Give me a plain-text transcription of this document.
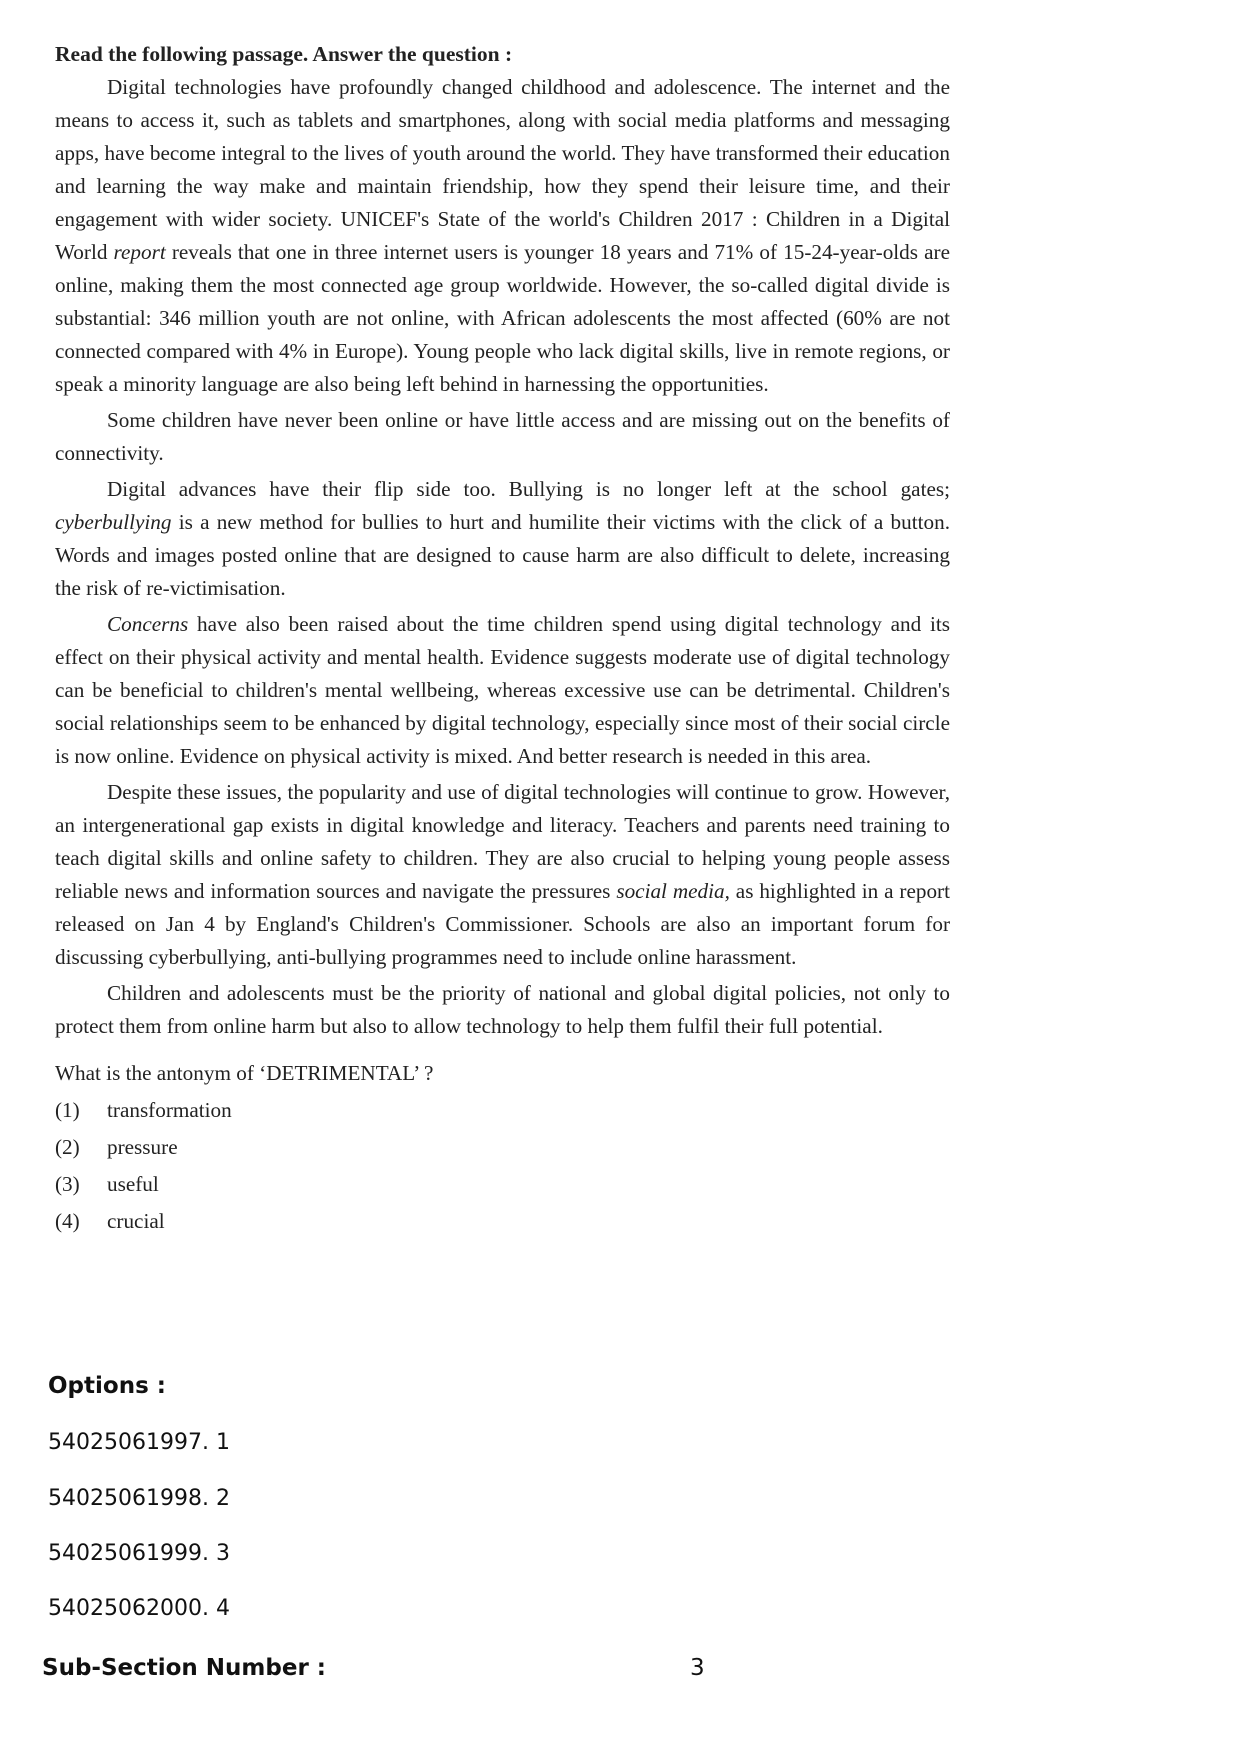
Read the following passage. Answer the question :

Digital technologies have profoundly changed childhood and adolescence. The internet and the means to access it, such as tablets and smartphones, along with social media platforms and messaging apps, have become integral to the lives of youth around the world. They have transformed their education and learning the way make and maintain friendship, how they spend their leisure time, and their engagement with wider society. UNICEF's State of the world's Children 2017 : Children in a Digital World report reveals that one in three internet users is younger 18 years and 71% of 15-24-year-olds are online, making them the most connected age group worldwide. However, the so-called digital divide is substantial: 346 million youth are not online, with African adolescents the most affected (60% are not connected compared with 4% in Europe). Young people who lack digital skills, live in remote regions, or speak a minority language are also being left behind in harnessing the opportunities.

Some children have never been online or have little access and are missing out on the benefits of connectivity.

Digital advances have their flip side too. Bullying is no longer left at the school gates; cyberbullying is a new method for bullies to hurt and humilite their victims with the click of a button. Words and images posted online that are designed to cause harm are also difficult to delete, increasing the risk of re-victimisation.

Concerns have also been raised about the time children spend using digital technology and its effect on their physical activity and mental health. Evidence suggests moderate use of digital technology can be beneficial to children's mental wellbeing, whereas excessive use can be detrimental. Children's social relationships seem to be enhanced by digital technology, especially since most of their social circle is now online. Evidence on physical activity is mixed. And better research is needed in this area.

Despite these issues, the popularity and use of digital technologies will continue to grow. However, an intergenerational gap exists in digital knowledge and literacy. Teachers and parents need training to teach digital skills and online safety to children. They are also crucial to helping young people assess reliable news and information sources and navigate the pressures social media, as highlighted in a report released on Jan 4 by England's Children's Commissioner. Schools are also an important forum for discussing cyberbullying, anti-bullying programmes need to include online harassment.

Children and adolescents must be the priority of national and global digital policies, not only to protect them from online harm but also to allow technology to help them fulfil their full potential.

What is the antonym of ‘DETRIMENTAL’ ?
(1)	transformation
(2)	pressure
(3)	useful
(4)	crucial
Options :
54025061997. 1
54025061998. 2
54025061999. 3
54025062000. 4
Sub-Section Number :	3
